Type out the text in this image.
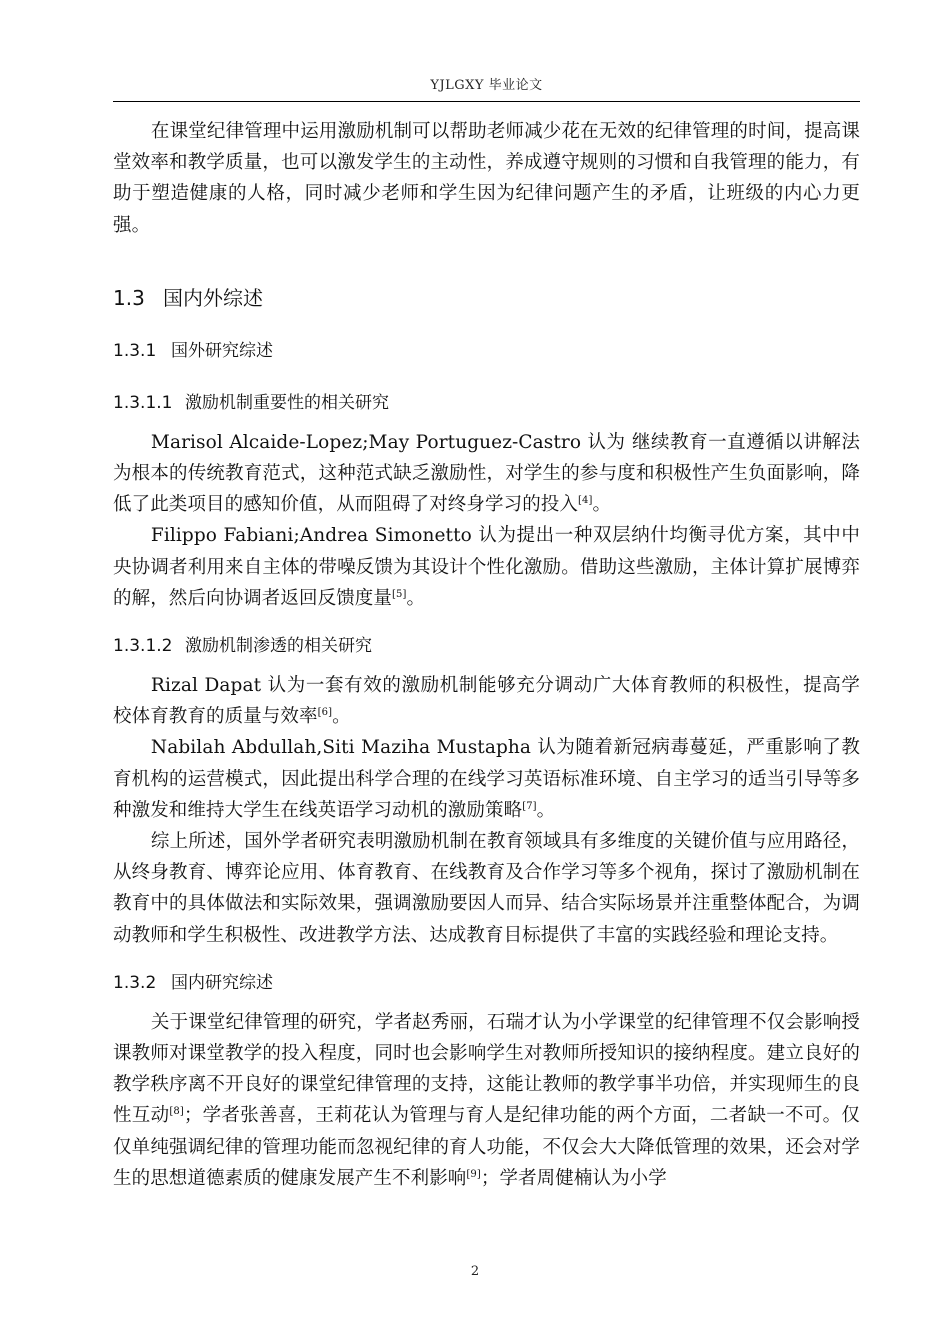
YJLGXY 毕业论文

在课堂纪律管理中运用激励机制可以帮助老师减少花在无效的纪律管理的时间，提高课堂效率和教学质量，也可以激发学生的主动性，养成遵守规则的习惯和自我管理的能力，有助于塑造健康的人格，同时减少老师和学生因为纪律问题产生的矛盾，让班级的内心力更强。

1.3 国内外综述
1.3.1 国外研究综述
1.3.1.1 激励机制重要性的相关研究

Marisol Alcaide-Lopez;May Portuguez-Castro 认为 继续教育一直遵循以讲解法为根本的传统教育范式，这种范式缺乏激励性，对学生的参与度和积极性产生负面影响，降低了此类项目的感知价值，从而阻碍了对终身学习的投入[4]。

Filippo Fabiani;Andrea Simonetto 认为提出一种双层纳什均衡寻优方案，其中中央协调者利用来自主体的带噪反馈为其设计个性化激励。借助这些激励，主体计算扩展博弈的解，然后向协调者返回反馈度量[5]。

1.3.1.2 激励机制渗透的相关研究

Rizal Dapat 认为一套有效的激励机制能够充分调动广大体育教师的积极性，提高学校体育教育的质量与效率[6]。

Nabilah Abdullah,Siti Maziha Mustapha 认为随着新冠病毒蔓延，严重影响了教育机构的运营模式，因此提出科学合理的在线学习英语标准环境、自主学习的适当引导等多种激发和维持大学生在线英语学习动机的激励策略[7]。

综上所述，国外学者研究表明激励机制在教育领域具有多维度的关键价值与应用路径，从终身教育、博弈论应用、体育教育、在线教育及合作学习等多个视角，探讨了激励机制在教育中的具体做法和实际效果，强调激励要因人而异、结合实际场景并注重整体配合，为调动教师和学生积极性、改进教学方法、达成教育目标提供了丰富的实践经验和理论支持。

1.3.2 国内研究综述

关于课堂纪律管理的研究，学者赵秀丽，石瑞才认为小学课堂的纪律管理不仅会影响授课教师对课堂教学的投入程度，同时也会影响学生对教师所授知识的接纳程度。建立良好的教学秩序离不开良好的课堂纪律管理的支持，这能让教师的教学事半功倍，并实现师生的良性互动[8]；学者张善喜，王莉花认为管理与育人是纪律功能的两个方面，二者缺一不可。仅仅单纯强调纪律的管理功能而忽视纪律的育人功能，不仅会大大降低管理的效果，还会对学生的思想道德素质的健康发展产生不利影响[9]；学者周健楠认为小学

2
